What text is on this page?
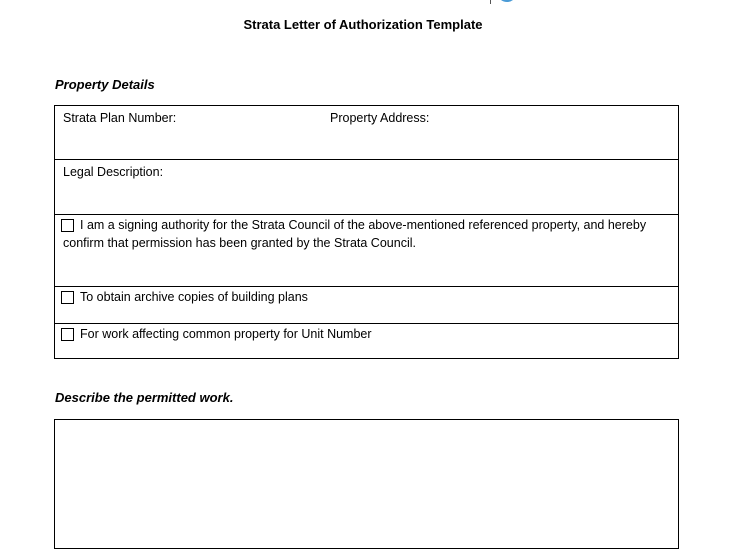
Strata Letter of Authorization Template
Property Details
Strata Plan Number:	Property Address:
Legal Description:
I am a signing authority for the Strata Council of the above-mentioned referenced property, and hereby confirm that permission has been granted by the Strata Council.
To obtain archive copies of building plans
For work affecting common property for Unit Number
Describe the permitted work.
